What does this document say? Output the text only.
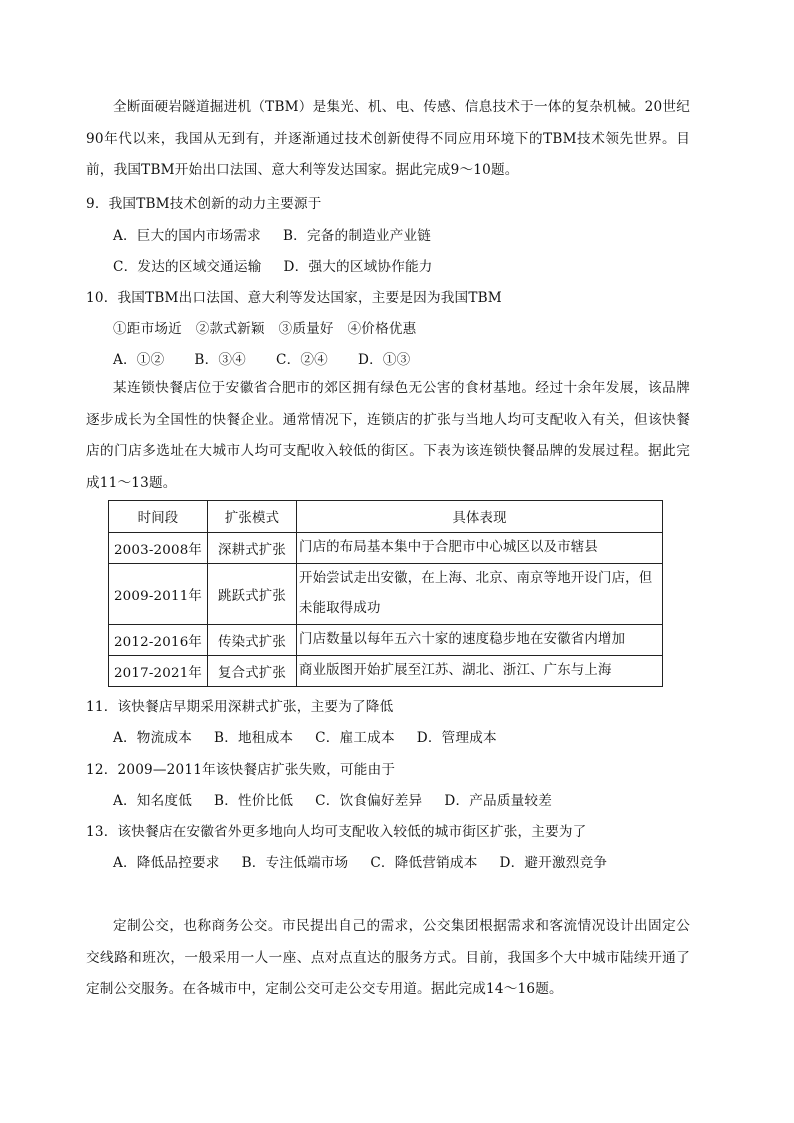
全断面硬岩隧道掘进机（TBM）是集光、机、电、传感、信息技术于一体的复杂机械。20世纪90年代以来，我国从无到有，并逐渐通过技术创新使得不同应用环境下的TBM技术领先世界。目前，我国TBM开始出口法国、意大利等发达国家。据此完成9～10题。
9．我国TBM技术创新的动力主要源于
A．巨大的国内市场需求 B．完备的制造业产业链
C．发达的区域交通运输 D．强大的区域协作能力
10．我国TBM出口法国、意大利等发达国家，主要是因为我国TBM
①距市场近　②款式新颖　③质量好　④价格优惠
A．①② B．③④ C．②④ D．①③
某连锁快餐店位于安徽省合肥市的郊区拥有绿色无公害的食材基地。经过十余年发展，该品牌逐步成长为全国性的快餐企业。通常情况下，连锁店的扩张与当地人均可支配收入有关，但该快餐店的门店多选址在大城市人均可支配收入较低的街区。下表为该连锁快餐品牌的发展过程。据此完成11～13题。
时间段	扩张模式	具体表现
2003-2008年	深耕式扩张	门店的布局基本集中于合肥市中心城区以及市辖县
2009-2011年	跳跃式扩张	开始尝试走出安徽，在上海、北京、南京等地开设门店，但未能取得成功
2012-2016年	传染式扩张	门店数量以每年五六十家的速度稳步地在安徽省内增加
2017-2021年	复合式扩张	商业版图开始扩展至江苏、湖北、浙江、广东与上海
11．该快餐店早期采用深耕式扩张，主要为了降低
A．物流成本 B．地租成本 C．雇工成本 D．管理成本
12．2009—2011年该快餐店扩张失败，可能由于
A．知名度低 B．性价比低 C．饮食偏好差异 D．产品质量较差
13．该快餐店在安徽省外更多地向人均可支配收入较低的城市街区扩张，主要为了
A．降低品控要求 B．专注低端市场 C．降低营销成本 D．避开激烈竞争
定制公交，也称商务公交。市民提出自己的需求，公交集团根据需求和客流情况设计出固定公交线路和班次，一般采用一人一座、点对点直达的服务方式。目前，我国多个大中城市陆续开通了定制公交服务。在各城市中，定制公交可走公交专用道。据此完成14～16题。
